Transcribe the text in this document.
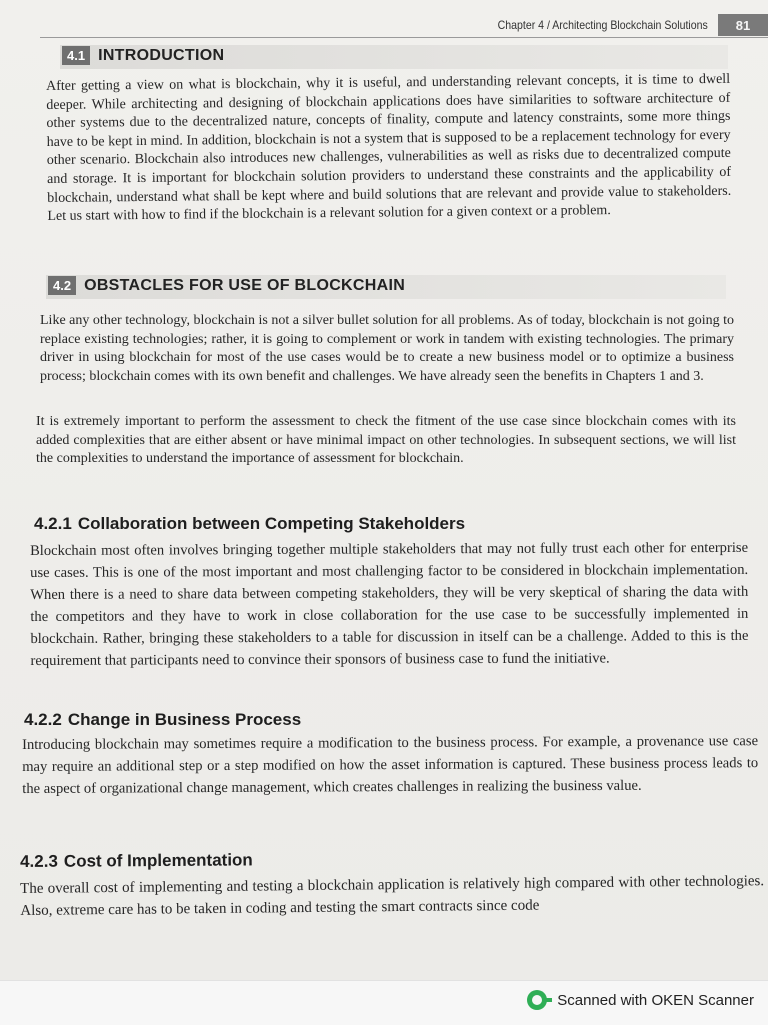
Chapter 4 / Architecting Blockchain Solutions	81
4.1 INTRODUCTION

After getting a view on what is blockchain, why it is useful, and understanding relevant concepts, it is time to dwell deeper. While architecting and designing of blockchain applications does have similarities to software architecture of other systems due to the decentralized nature, concepts of finality, compute and latency constraints, some more things have to be kept in mind. In addition, blockchain is not a system that is supposed to be a replacement technology for every other scenario. Blockchain also introduces new challenges, vulnerabilities as well as risks due to decentralized compute and storage. It is important for blockchain solution providers to understand these constraints and the applicability of blockchain, understand what shall be kept where and build solutions that are relevant and provide value to stakeholders. Let us start with how to find if the blockchain is a relevant solution for a given context or a problem.

4.2 OBSTACLES FOR USE OF BLOCKCHAIN

Like any other technology, blockchain is not a silver bullet solution for all problems. As of today, blockchain is not going to replace existing technologies; rather, it is going to complement or work in tandem with existing technologies. The primary driver in using blockchain for most of the use cases would be to create a new business model or to optimize a business process; blockchain comes with its own benefit and challenges. We have already seen the benefits in Chapters 1 and 3.

It is extremely important to perform the assessment to check the fitment of the use case since blockchain comes with its added complexities that are either absent or have minimal impact on other technologies. In subsequent sections, we will list the complexities to understand the importance of assessment for blockchain.

4.2.1 Collaboration between Competing Stakeholders

Blockchain most often involves bringing together multiple stakeholders that may not fully trust each other for enterprise use cases. This is one of the most important and most challenging factor to be considered in blockchain implementation. When there is a need to share data between competing stakeholders, they will be very skeptical of sharing the data with the competitors and they have to work in close collaboration for the use case to be successfully implemented in blockchain. Rather, bringing these stakeholders to a table for discussion in itself can be a challenge. Added to this is the requirement that participants need to convince their sponsors of business case to fund the initiative.

4.2.2 Change in Business Process

Introducing blockchain may sometimes require a modification to the business process. For example, a provenance use case may require an additional step or a step modified on how the asset information is captured. These business process leads to the aspect of organizational change management, which creates challenges in realizing the business value.

4.2.3 Cost of Implementation

The overall cost of implementing and testing a blockchain application is relatively high compared with other technologies. Also, extreme care has to be taken in coding and testing the smart contracts since code

Scanned with OKEN Scanner
